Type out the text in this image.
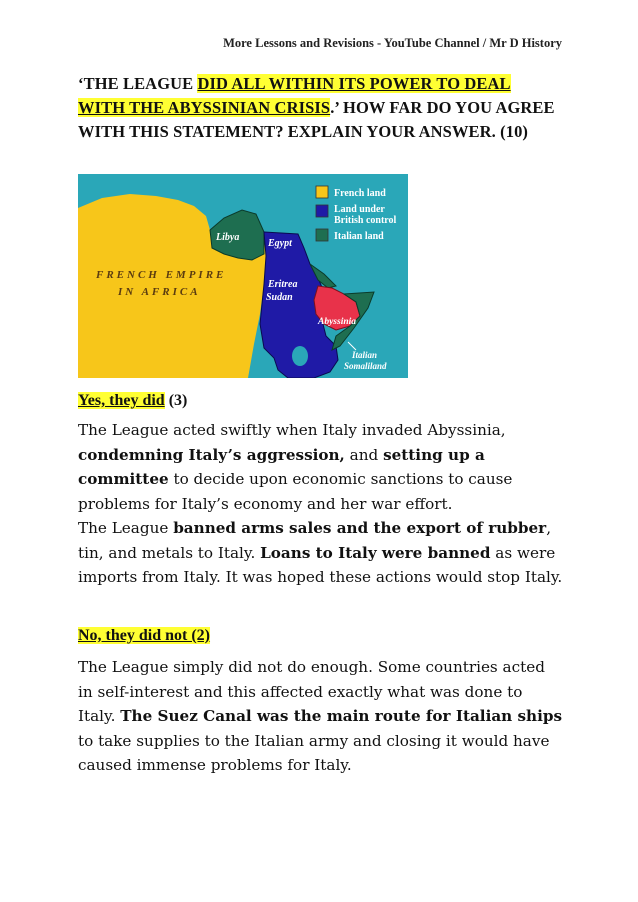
More Lessons and Revisions - YouTube Channel / Mr D History
‘THE LEAGUE DID ALL WITHIN ITS POWER TO DEAL WITH THE ABYSSINIAN CRISIS.’ HOW FAR DO YOU AGREE WITH THIS STATEMENT? EXPLAIN YOUR ANSWER. (10)
FRENCH EMPIRE
IN AFRICA
Libya
Egypt
Eritrea
Sudan
Abyssinia
Italian
Somaliland
French land
Land under
British control
Italian land
Yes, they did (3)
The League acted swiftly when Italy invaded Abyssinia, condemning Italy’s aggression, and setting up a committee to decide upon economic sanctions to cause problems for Italy’s economy and her war effort.
The League banned arms sales and the export of rubber, tin, and metals to Italy. Loans to Italy were banned as were imports from Italy. It was hoped these actions would stop Italy.
No, they did not (2)
The League simply did not do enough. Some countries acted in self-interest and this affected exactly what was done to Italy. The Suez Canal was the main route for Italian ships to take supplies to the Italian army and closing it would have caused immense problems for Italy.
